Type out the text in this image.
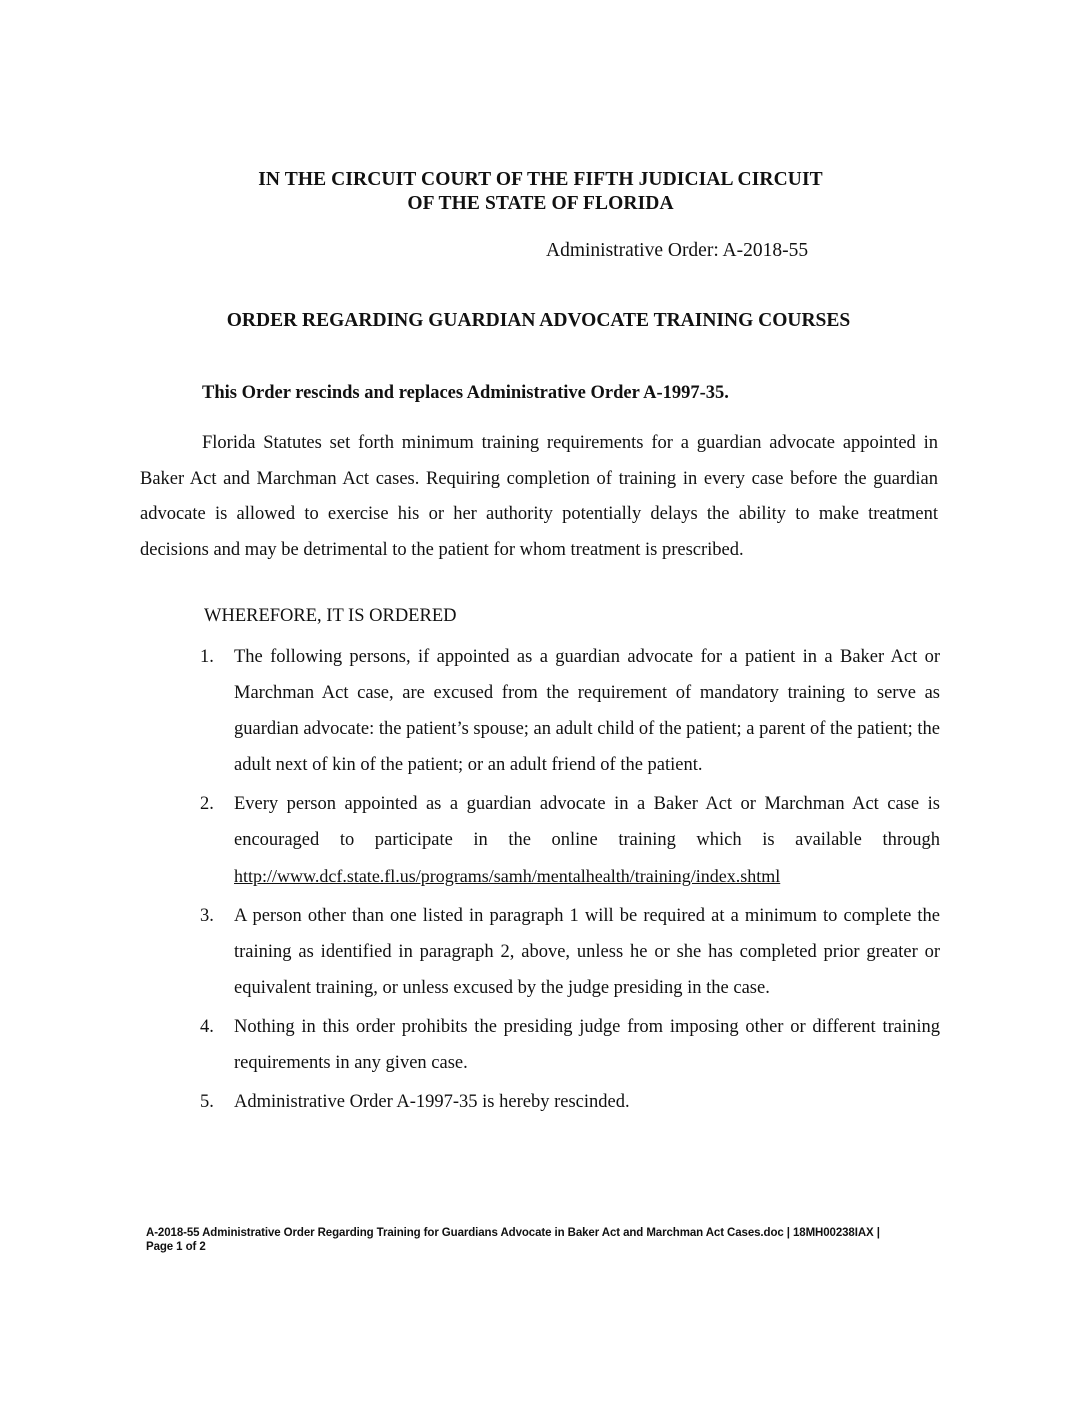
IN THE CIRCUIT COURT OF THE FIFTH JUDICIAL CIRCUIT
OF THE STATE OF FLORIDA
Administrative Order: A-2018-55
ORDER REGARDING GUARDIAN ADVOCATE TRAINING COURSES
This Order rescinds and replaces Administrative Order A-1997-35.

Florida Statutes set forth minimum training requirements for a guardian advocate appointed in Baker Act and Marchman Act cases. Requiring completion of training in every case before the guardian advocate is allowed to exercise his or her authority potentially delays the ability to make treatment decisions and may be detrimental to the patient for whom treatment is prescribed.

WHEREFORE, IT IS ORDERED
1. The following persons, if appointed as a guardian advocate for a patient in a Baker Act or Marchman Act case, are excused from the requirement of mandatory training to serve as guardian advocate: the patient’s spouse; an adult child of the patient; a parent of the patient; the adult next of kin of the patient; or an adult friend of the patient.
2. Every person appointed as a guardian advocate in a Baker Act or Marchman Act case is encouraged to participate in the online training which is available through http://www.dcf.state.fl.us/programs/samh/mentalhealth/training/index.shtml
3. A person other than one listed in paragraph 1 will be required at a minimum to complete the training as identified in paragraph 2, above, unless he or she has completed prior greater or equivalent training, or unless excused by the judge presiding in the case.
4. Nothing in this order prohibits the presiding judge from imposing other or different training requirements in any given case.
5. Administrative Order A-1997-35 is hereby rescinded.
A-2018-55 Administrative Order Regarding Training for Guardians Advocate in Baker Act and Marchman Act Cases.doc | 18MH00238IAX |
Page 1 of 2
